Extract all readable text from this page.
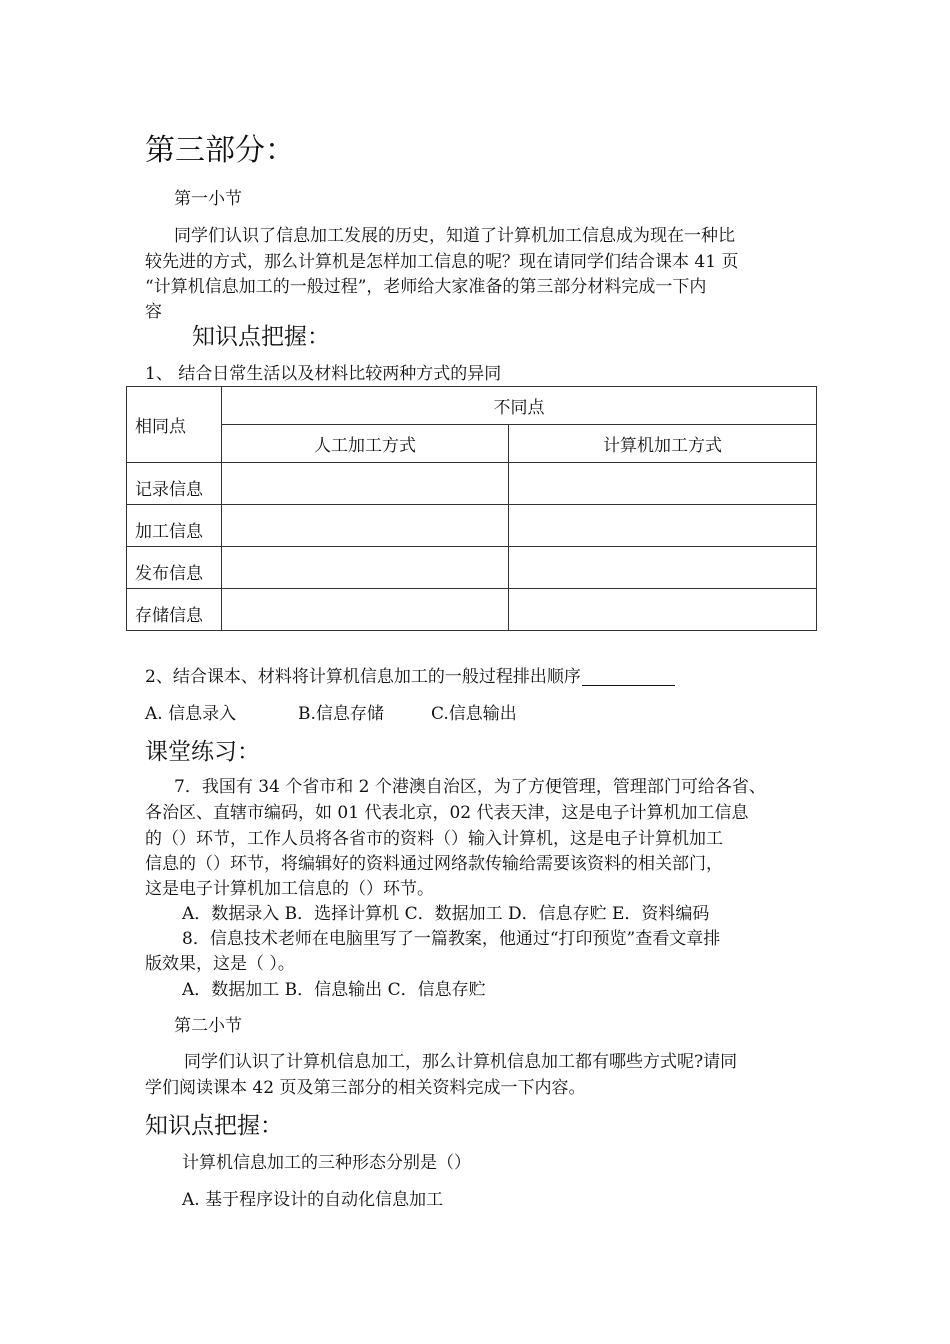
第三部分：
第一小节
同学们认识了信息加工发展的历史，知道了计算机加工信息成为现在一种比
较先进的方式，那么计算机是怎样加工信息的呢？现在请同学们结合课本 41 页
“计算机信息加工的一般过程”，老师给大家准备的第三部分材料完成一下内
容
知识点把握：
1、 结合日常生活以及材料比较两种方式的异同
相同点	不同点	
	人工加工方式	计算机加工方式
记录信息		
加工信息		
发布信息		
存储信息		
2、结合课本、材料将计算机信息加工的一般过程排出顺序
A. 信息录入	B.信息存储	C.信息输出
课堂练习：
7．我国有 34 个省市和 2 个港澳自治区，为了方便管理，管理部门可给各省、
各治区、直辖市编码，如 01 代表北京，02 代表天津，这是电子计算机加工信息
的（）环节，工作人员将各省市的资料（）输入计算机，这是电子计算机加工
信息的（）环节，将编辑好的资料通过网络款传输给需要该资料的相关部门，
这是电子计算机加工信息的（）环节。
A．数据录入 B．选择计算机 C．数据加工 D．信息存贮 E．资料编码
8．信息技术老师在电脑里写了一篇教案，他通过“打印预览”查看文章排
版效果，这是（ ）。
A．数据加工 B．信息输出 C．信息存贮
第二小节
同学们认识了计算机信息加工，那么计算机信息加工都有哪些方式呢?请同
学们阅读课本 42 页及第三部分的相关资料完成一下内容。
知识点把握：
计算机信息加工的三种形态分别是（）
A. 基于程序设计的自动化信息加工
